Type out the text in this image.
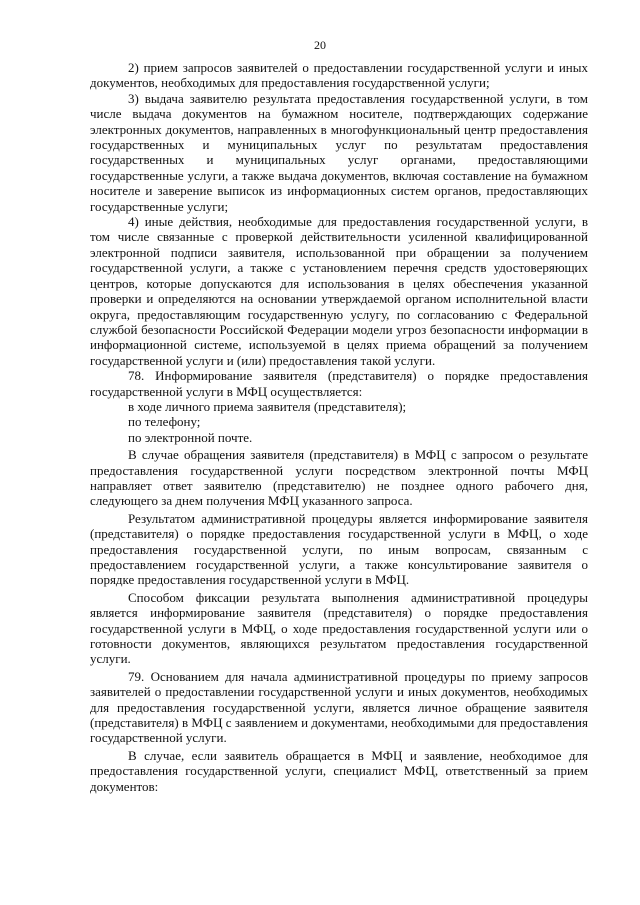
20

2) прием запросов заявителей о предоставлении государственной услуги и иных документов, необходимых для предоставления государственной услуги;

3) выдача заявителю результата предоставления государственной услуги, в том числе выдача документов на бумажном носителе, подтверждающих содержание электронных документов, направленных в многофункциональный центр предоставления государственных и муниципальных услуг по результатам предоставления государственных и муниципальных услуг органами, предоставляющими государственные услуги, а также выдача документов, включая составление на бумажном носителе и заверение выписок из информационных систем органов, предоставляющих государственные услуги;

4) иные действия, необходимые для предоставления государственной услуги, в том числе связанные с проверкой действительности усиленной квалифицированной электронной подписи заявителя, использованной при обращении за получением государственной услуги, а также с установлением перечня средств удостоверяющих центров, которые допускаются для использования в целях обеспечения указанной проверки и определяются на основании утверждаемой органом исполнительной власти округа, предоставляющим государственную услугу, по согласованию с Федеральной службой безопасности Российской Федерации модели угроз безопасности информации в информационной системе, используемой в целях приема обращений за получением государственной услуги и (или) предоставления такой услуги.

78. Информирование заявителя (представителя) о порядке предоставления государственной услуги в МФЦ осуществляется:

в ходе личного приема заявителя (представителя);

по телефону;

по электронной почте.

В случае обращения заявителя (представителя) в МФЦ с запросом о результате предоставления государственной услуги посредством электронной почты МФЦ направляет ответ заявителю (представителю) не позднее одного рабочего дня, следующего за днем получения МФЦ указанного запроса.

Результатом административной процедуры является информирование заявителя (представителя) о порядке предоставления государственной услуги в МФЦ, о ходе предоставления государственной услуги, по иным вопросам, связанным с предоставлением государственной услуги, а также консультирование заявителя о порядке предоставления государственной услуги в МФЦ.

Способом фиксации результата выполнения административной процедуры является информирование заявителя (представителя) о порядке предоставления государственной услуги в МФЦ, о ходе предоставления государственной услуги или о готовности документов, являющихся результатом предоставления государственной услуги.

79. Основанием для начала административной процедуры по приему запросов заявителей о предоставлении государственной услуги и иных документов, необходимых для предоставления государственной услуги, является личное обращение заявителя (представителя) в МФЦ с заявлением и документами, необходимыми для предоставления государственной услуги.

В случае, если заявитель обращается в МФЦ и заявление, необходимое для предоставления государственной услуги, специалист МФЦ, ответственный за прием документов:
